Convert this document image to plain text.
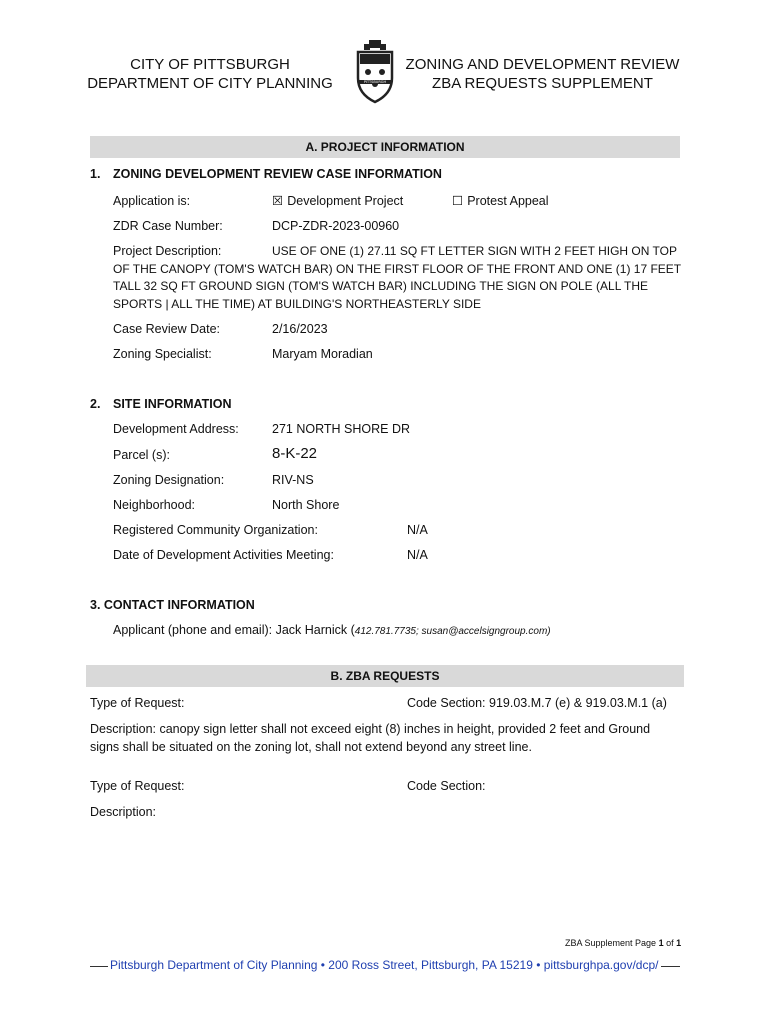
CITY OF PITTSBURGH
DEPARTMENT OF CITY PLANNING	PITTSBURGH
ZONING AND DEVELOPMENT REVIEW
ZBA REQUESTS SUPPLEMENT
A. PROJECT INFORMATION
1. ZONING DEVELOPMENT REVIEW CASE INFORMATION
Application is:	☒ Development Project	☐ Protest Appeal
ZDR Case Number:	DCP-ZDR-2023-00960
Project Description:	USE OF ONE (1) 27.11 SQ FT LETTER SIGN WITH 2 FEET HIGH ON TOP OF THE CANOPY (TOM'S WATCH BAR) ON THE FIRST FLOOR OF THE FRONT AND ONE (1) 17 FEET TALL 32 SQ FT GROUND SIGN (TOM'S WATCH BAR) INCLUDING THE SIGN ON POLE (ALL THE SPORTS | ALL THE TIME) AT BUILDING'S NORTHEASTERLY SIDE
Case Review Date:	2/16/2023
Zoning Specialist:	Maryam Moradian
2. SITE INFORMATION
Development Address:	271 NORTH SHORE DR
Parcel (s):	8-K-22
Zoning Designation:	RIV-NS
Neighborhood:	North Shore
Registered Community Organization:	N/A
Date of Development Activities Meeting:	N/A
3. CONTACT INFORMATION
Applicant (phone and email): Jack Harnick (412.781.7735; susan@accelsigngroup.com)
B. ZBA REQUESTS
Type of Request:	Code Section: 919.03.M.7 (e) & 919.03.M.1 (a)
Description: canopy sign letter shall not exceed eight (8) inches in height, provided 2 feet and Ground signs shall be situated on the zoning lot, shall not extend beyond any street line.
Type of Request:	Code Section:
Description:
ZBA Supplement Page 1 of 1
Pittsburgh Department of City Planning • 200 Ross Street, Pittsburgh, PA 15219 • pittsburghpa.gov/dcp/
